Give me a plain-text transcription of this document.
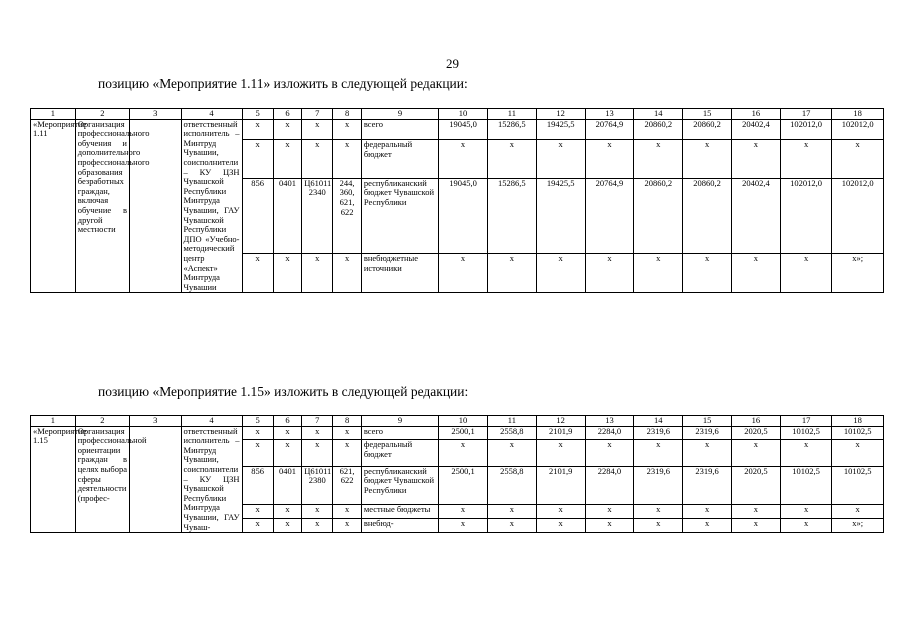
29
позицию «Мероприятие 1.11» изложить в следующей редакции:
1	2	3	4	5	6	7	8	9	10	11	12	13	14	15	16	17	18
«Мероприятие 1.11	Организация профессионального обучения и дополнительного профессионального образования безработных граждан, включая обучение в другой местности		ответственный исполнитель – Минтруд Чувашии, соисполнители – КУ ЦЗН Чувашской Республики Минтруда Чувашии, ГАУ Чувашской Республики ДПО «Учебно-методический центр «Аспект» Минтруда Чувашии	x	x	x	x	всего	19045,0	15286,5	19425,5	20764,9	20860,2	20860,2	20402,4	102012,0	102012,0
				x	x	x	x	федеральный бюджет	x	x	x	x	x	x	x	x	x
				856	0401	Ц61011 2340	244, 360, 621, 622	республиканский бюджет Чувашской Республики	19045,0	15286,5	19425,5	20764,9	20860,2	20860,2	20402,4	102012,0	102012,0
				x	x	x	x	внебюджетные источники	x	x	x	x	x	x	x	x	x»;
позицию «Мероприятие 1.15» изложить в следующей редакции:
1	2	3	4	5	6	7	8	9	10	11	12	13	14	15	16	17	18
«Мероприятие 1.15	Организация профессиональной ориентации граждан в целях выбора сферы деятельности (профес-		ответственный исполнитель – Минтруд Чувашии, соисполнители – КУ ЦЗН Чувашской Республики Минтруда Чувашии, ГАУ Чуваш-	x	x	x	x	всего	2500,1	2558,8	2101,9	2284,0	2319,6	2319,6	2020,5	10102,5	10102,5
				x	x	x	x	федеральный бюджет	x	x	x	x	x	x	x	x	x
				856	0401	Ц61011 2380	621, 622	республиканский бюджет Чувашской Республики	2500,1	2558,8	2101,9	2284,0	2319,6	2319,6	2020,5	10102,5	10102,5
				x	x	x	x	местные бюджеты	x	x	x	x	x	x	x	x	x
				x	x	x	x	внебюд-	x	x	x	x	x	x	x	x	x»;
